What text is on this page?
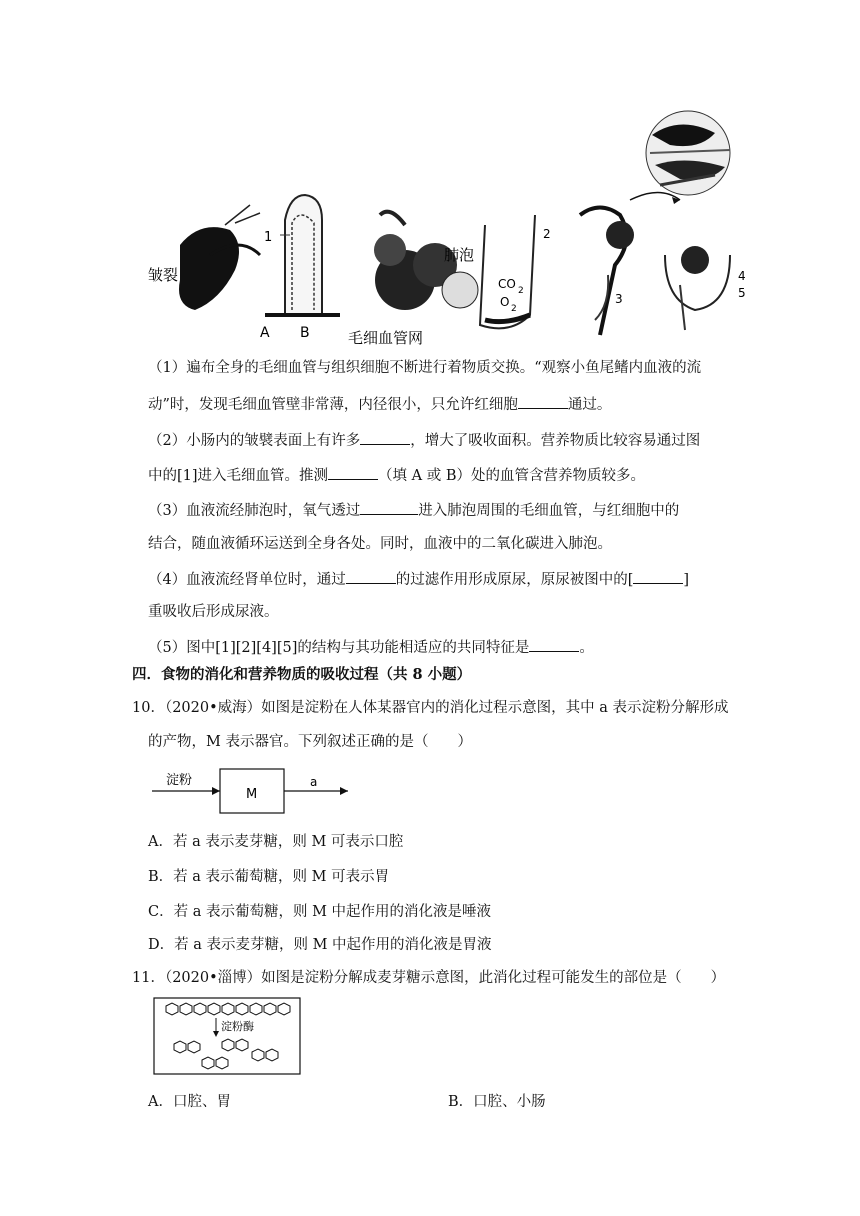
皱裂
1
A B
肺泡
2
CO 2
O 2
3
4
5
毛细血管网
（1）遍布全身的毛细血管与组织细胞不断进行着物质交换。“观察小鱼尾鳍内血液的流
动”时，发现毛细血管壁非常薄，内径很小，只允许红细胞	通过。
（2）小肠内的皱襞表面上有许多	，增大了吸收面积。营养物质比较容易通过图
中的[1]进入毛细血管。推测	（填 A 或 B）处的血管含营养物质较多。
（3）血液流经肺泡时，氧气透过	进入肺泡周围的毛细血管，与红细胞中的
结合，随血液循环运送到全身各处。同时，血液中的二氧化碳进入肺泡。
（4）血液流经肾单位时，通过	的过滤作用形成原尿，原尿被图中的[	]
重吸收后形成尿液。
（5）图中[1][2][4][5]的结构与其功能相适应的共同特征是	。
四．食物的消化和营养物质的吸收过程（共 8 小题）
10．（2020•威海）如图是淀粉在人体某器官内的消化过程示意图，其中 a 表示淀粉分解形成
的产物，M 表示器官。下列叙述正确的是（　　）
淀粉
M
a
A．若 a 表示麦芽糖，则 M 可表示口腔
B．若 a 表示葡萄糖，则 M 可表示胃
C．若 a 表示葡萄糖，则 M 中起作用的消化液是唾液
D．若 a 表示麦芽糖，则 M 中起作用的消化液是胃液
11．（2020•淄博）如图是淀粉分解成麦芽糖示意图，此消化过程可能发生的部位是（　　）
淀粉酶
A．口腔、胃	B．口腔、小肠
